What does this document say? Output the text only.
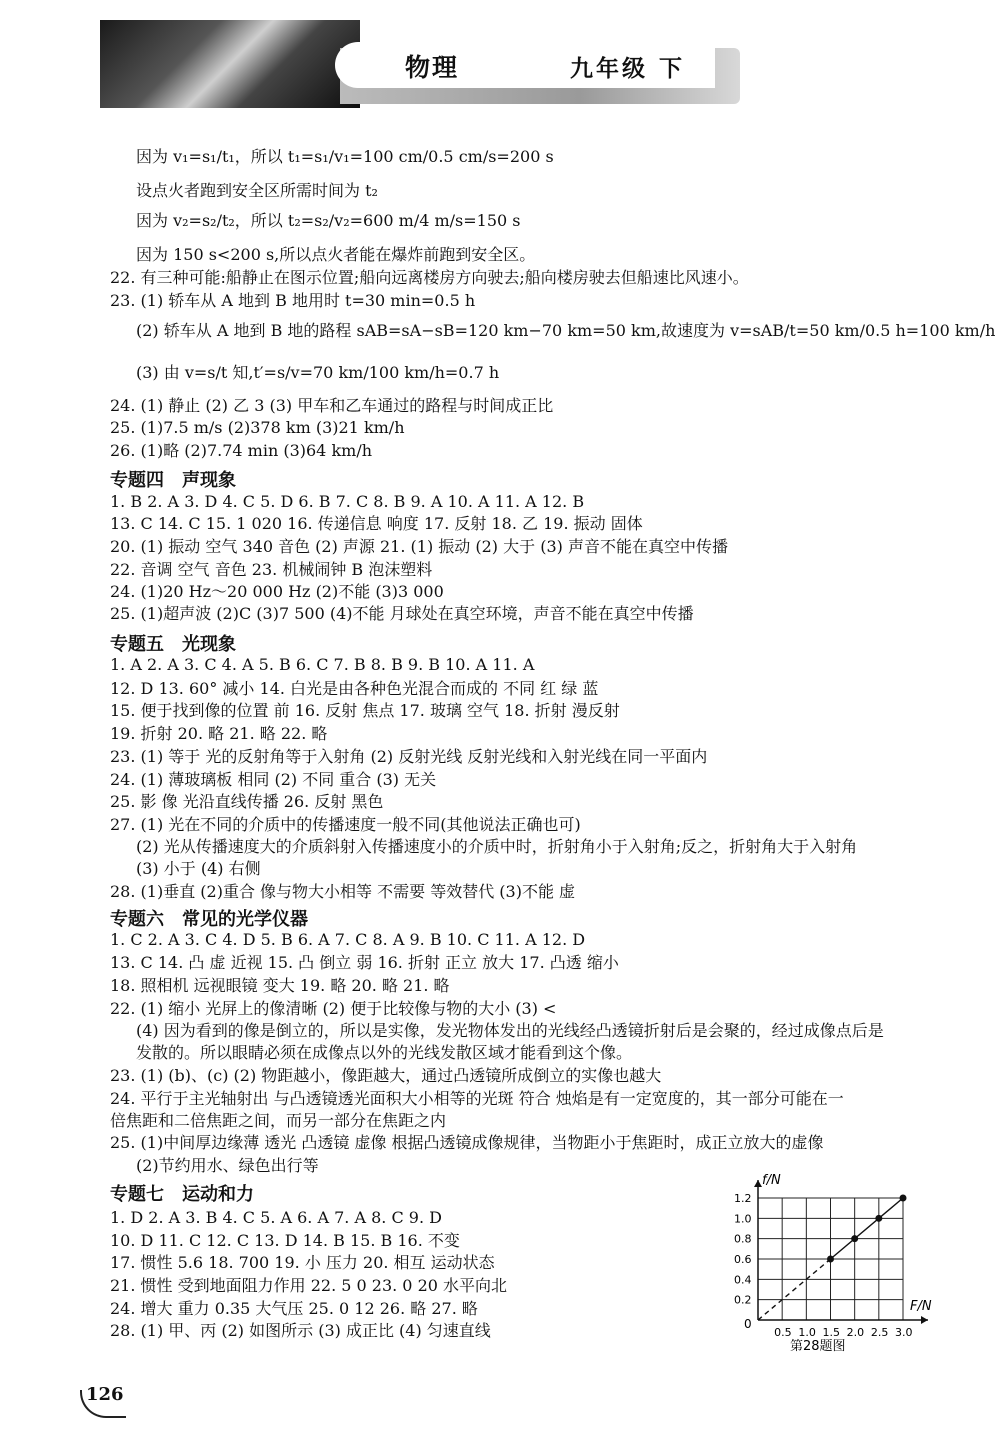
物理	九年级 下
因为 v₁=s₁/t₁，所以 t₁=s₁/v₁=100 cm/0.5 cm/s=200 s
设点火者跑到安全区所需时间为 t₂
因为 v₂=s₂/t₂，所以 t₂=s₂/v₂=600 m/4 m/s=150 s
因为 150 s<200 s,所以点火者能在爆炸前跑到安全区。
22. 有三种可能:船静止在图示位置;船向远离楼房方向驶去;船向楼房驶去但船速比风速小。
23. (1) 轿车从 A 地到 B 地用时 t=30 min=0.5 h
(2) 轿车从 A 地到 B 地的路程 sAB=sA−sB=120 km−70 km=50 km,故速度为 v=sAB/t=50 km/0.5 h=100 km/h
(3) 由 v=s/t 知,t′=s/v=70 km/100 km/h=0.7 h
24. (1) 静止 (2) 乙 3 (3) 甲车和乙车通过的路程与时间成正比
25. (1)7.5 m/s (2)378 km (3)21 km/h
26. (1)略 (2)7.74 min (3)64 km/h
专题四　声现象
1. B 2. A 3. D 4. C 5. D 6. B 7. C 8. B 9. A 10. A 11. A 12. B
13. C 14. C 15. 1 020 16. 传递信息 响度 17. 反射 18. 乙 19. 振动 固体
20. (1) 振动 空气 340 音色 (2) 声源 21. (1) 振动 (2) 大于 (3) 声音不能在真空中传播
22. 音调 空气 音色 23. 机械闹钟 B 泡沫塑料
24. (1)20 Hz～20 000 Hz (2)不能 (3)3 000
25. (1)超声波 (2)C (3)7 500 (4)不能 月球处在真空环境，声音不能在真空中传播
专题五　光现象
1. A 2. A 3. C 4. A 5. B 6. C 7. B 8. B 9. B 10. A 11. A
12. D 13. 60° 减小 14. 白光是由各种色光混合而成的 不同 红 绿 蓝
15. 便于找到像的位置 前 16. 反射 焦点 17. 玻璃 空气 18. 折射 漫反射
19. 折射 20. 略 21. 略 22. 略
23. (1) 等于 光的反射角等于入射角 (2) 反射光线 反射光线和入射光线在同一平面内
24. (1) 薄玻璃板 相同 (2) 不同 重合 (3) 无关
25. 影 像 光沿直线传播 26. 反射 黑色
27. (1) 光在不同的介质中的传播速度一般不同(其他说法正确也可)
(2) 光从传播速度大的介质斜射入传播速度小的介质中时，折射角小于入射角;反之，折射角大于入射角
(3) 小于 (4) 右侧
28. (1)垂直 (2)重合 像与物大小相等 不需要 等效替代 (3)不能 虚
专题六　常见的光学仪器
1. C 2. A 3. C 4. D 5. B 6. A 7. C 8. A 9. B 10. C 11. A 12. D
13. C 14. 凸 虚 近视 15. 凸 倒立 弱 16. 折射 正立 放大 17. 凸透 缩小
18. 照相机 远视眼镜 变大 19. 略 20. 略 21. 略
22. (1) 缩小 光屏上的像清晰 (2) 便于比较像与物的大小 (3) <
(4) 因为看到的像是倒立的，所以是实像，发光物体发出的光线经凸透镜折射后是会聚的，经过成像点后是
发散的。所以眼睛必须在成像点以外的光线发散区域才能看到这个像。
23. (1) (b)、(c) (2) 物距越小，像距越大，通过凸透镜所成倒立的实像也越大
24. 平行于主光轴射出 与凸透镜透光面积大小相等的光斑 符合 烛焰是有一定宽度的，其一部分可能在一
倍焦距和二倍焦距之间，而另一部分在焦距之内
25. (1)中间厚边缘薄 透光 凸透镜 虚像 根据凸透镜成像规律，当物距小于焦距时，成正立放大的虚像
(2)节约用水、绿色出行等
专题七　运动和力
1. D 2. A 3. B 4. C 5. A 6. A 7. A 8. C 9. D
10. D 11. C 12. C 13. D 14. B 15. B 16. 不变
17. 惯性 5.6 18. 700 19. 小 压力 20. 相互 运动状态
21. 惯性 受到地面阻力作用 22. 5 0 23. 0 20 水平向北
24. 增大 重力 0.35 大气压 25. 0 12 26. 略 27. 略
28. (1) 甲、丙 (2) 如图所示 (3) 成正比 (4) 匀速直线	0.5 1.0 1.5 2.0 2.5 3.0
0.2
0.4
0.6
0.8
1.0
1.2
f/N
F/N
0
第28题图
126
